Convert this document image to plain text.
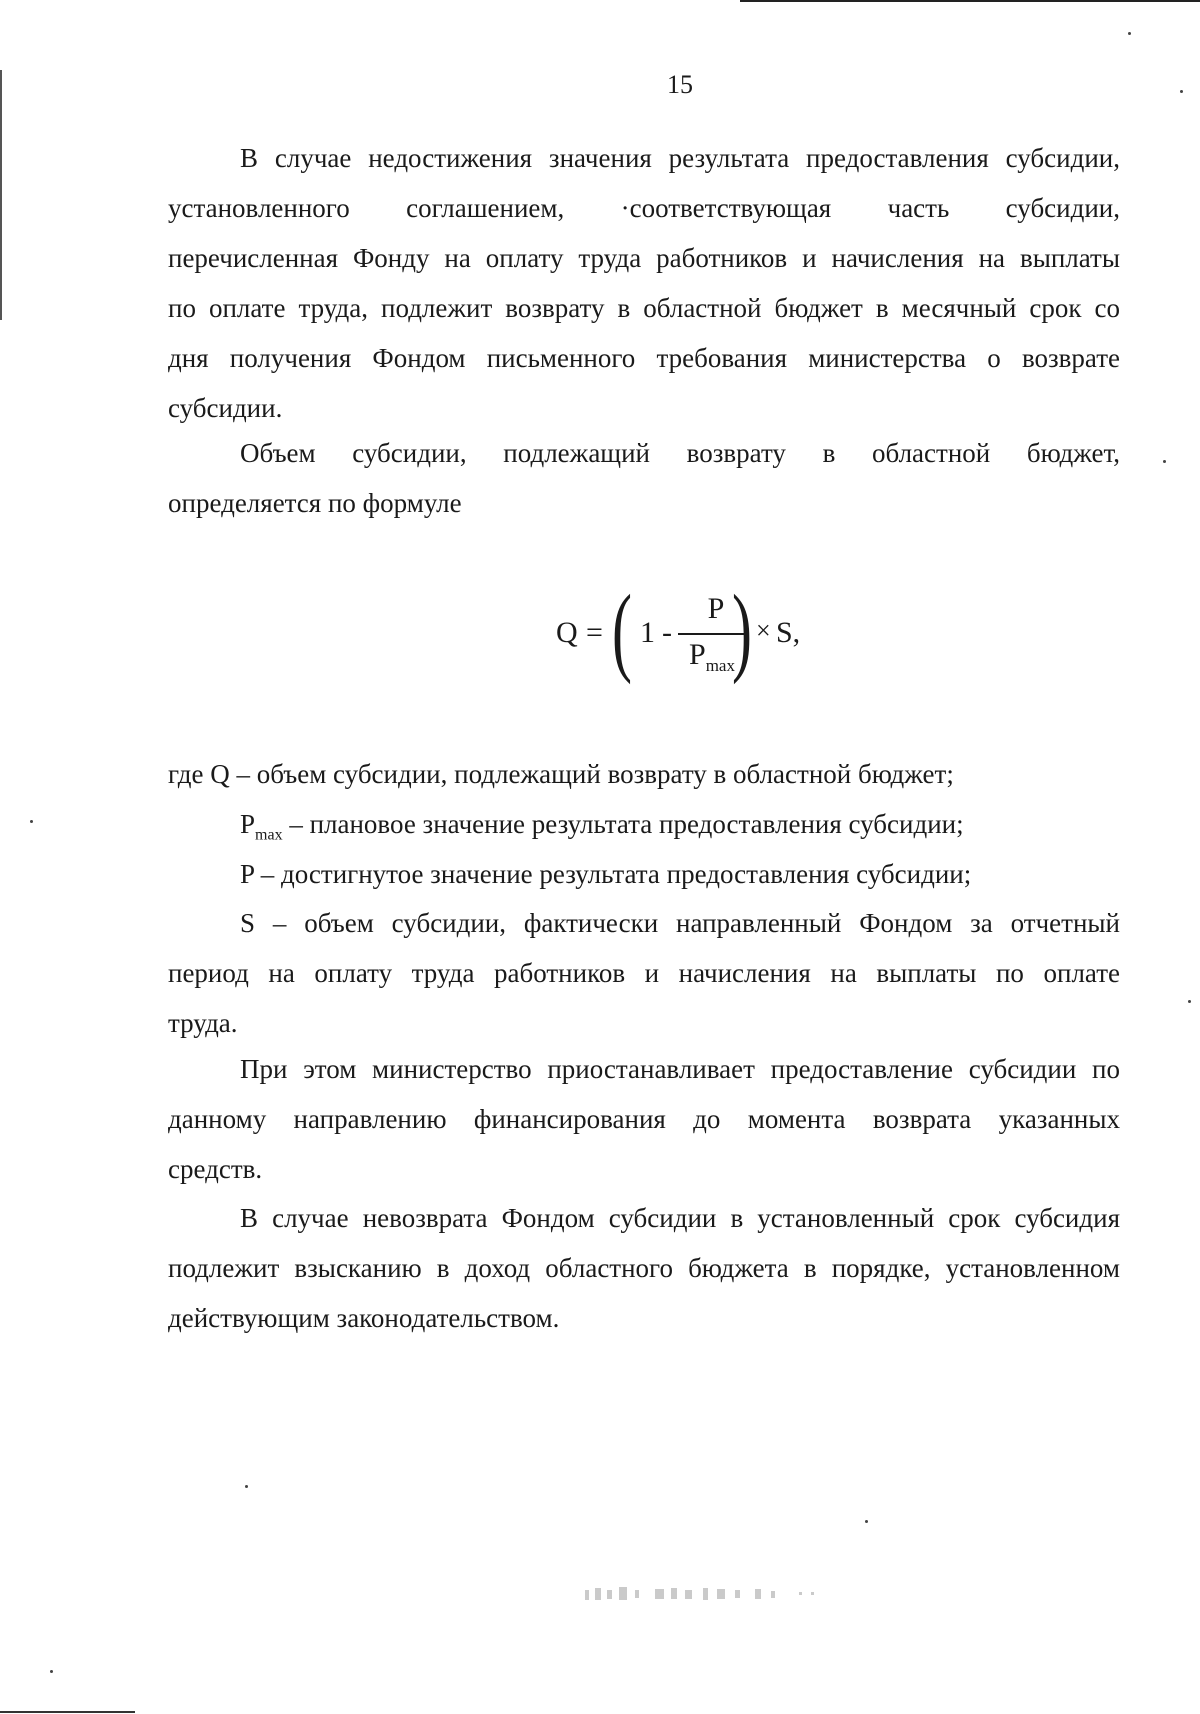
15
В случае недостижения значения результата предоставления субсидии,
установленного соглашением, ·соответствующая часть субсидии,
перечисленная Фонду на оплату труда работников и начисления на выплаты
по оплате труда, подлежит возврату в областной бюджет в месячный срок со
дня получения Фондом письменного требования министерства о возврате
субсидии.
Объем субсидии, подлежащий возврату в областной бюджет,
определяется по формуле
Q = ( 1 -
P
$P_{max}$
) × S,

где Q – объем субсидии, подлежащий возврату в областной бюджет;

$P_{max}$ – плановое значение результата предоставления субсидии;

P – достигнутое значение результата предоставления субсидии;

S – объем субсидии, фактически направленный Фондом за отчетный
период на оплату труда работников и начисления на выплаты по оплате
труда.
При этом министерство приостанавливает предоставление субсидии по
данному направлению финансирования до момента возврата указанных
средств.
В случае невозврата Фондом субсидии в установленный срок субсидия
подлежит взысканию в доход областного бюджета в порядке, установленном
действующим законодательством.
